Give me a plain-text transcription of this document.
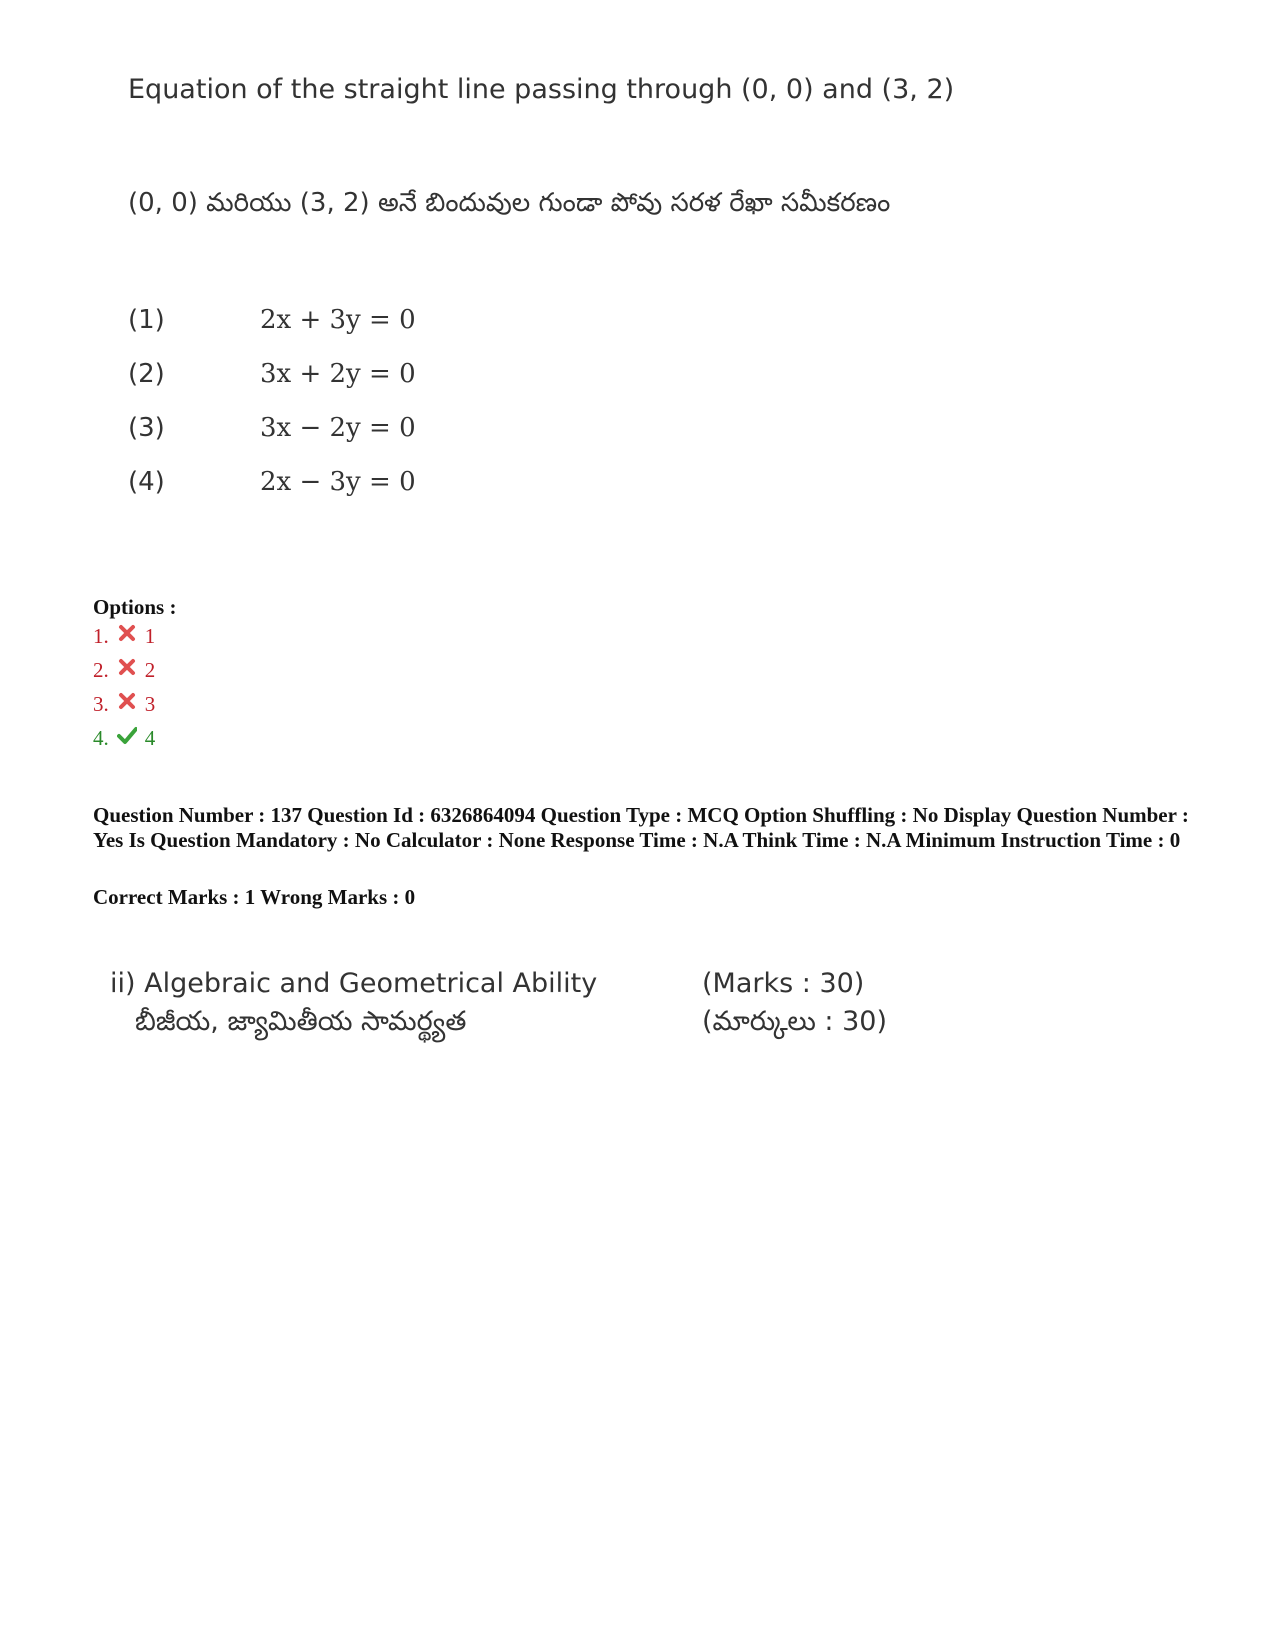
Equation of the straight line passing through (0, 0) and (3, 2)
(0, 0) మరియు (3, 2) అనే బిందువుల గుండా పోవు సరళ రేఖా సమీకరణం
(1)	2x + 3y = 0
(2)	3x + 2y = 0
(3)	3x − 2y = 0
(4)	2x − 3y = 0
Options :
1. 1
2. 2
3. 3
4. 4
Question Number : 137 Question Id : 6326864094 Question Type : MCQ Option Shuffling : No Display Question Number : Yes Is Question Mandatory : No Calculator : None Response Time : N.A Think Time : N.A Minimum Instruction Time : 0
Correct Marks : 1 Wrong Marks : 0
ii) Algebraic and Geometrical Ability
బీజీయ, జ్యామితీయ సామర్థ్యత
(Marks : 30)
(మార్కులు : 30)
